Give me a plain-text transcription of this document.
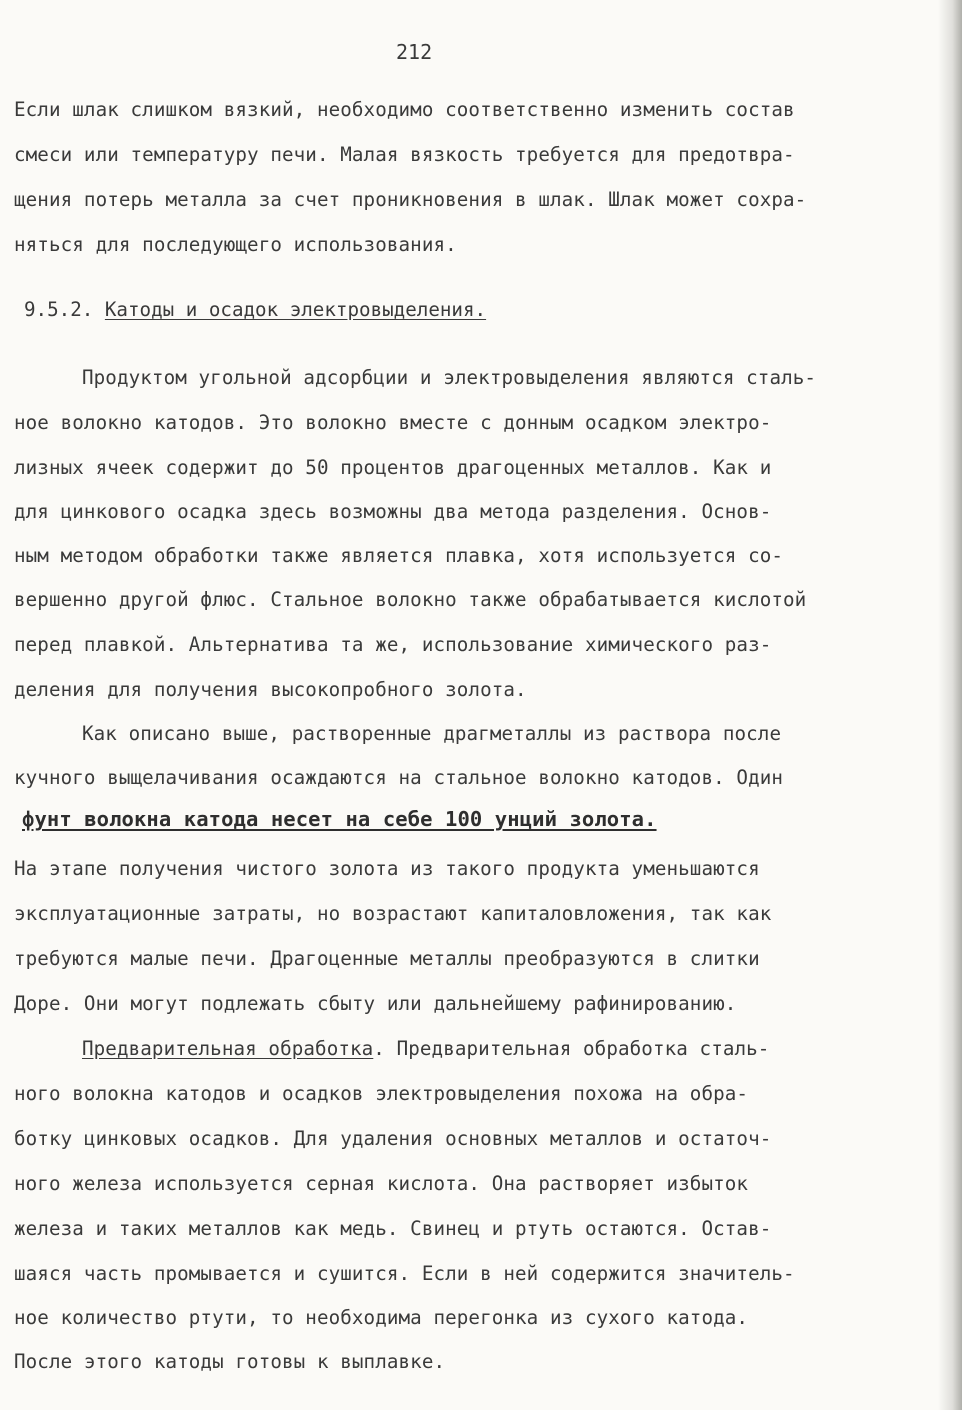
212
Если шлак слишком вязкий, необходимо соответственно изменить состав
смеси или температуру печи. Малая вязкость требуется для предотвра-
щения потерь металла за счет проникновения в шлак. Шлак может сохра-
няться для последующего использования.
9.5.2. Катоды и осадок электровыделения.
Продуктом угольной адсорбции и электровыделения являются сталь-
ное волокно катодов. Это волокно вместе с донным осадком электро-
лизных ячеек содержит до 50 процентов драгоценных металлов. Как и
для цинкового осадка здесь возможны два метода разделения. Основ-
ным методом обработки также является плавка, хотя используется со-
вершенно другой флюс. Стальное волокно также обрабатывается кислотой
перед плавкой. Альтернатива та же, использование химического раз-
деления для получения высокопробного золота.
Как описано выше, растворенные драгметаллы из раствора после
кучного выщелачивания осаждаются на стальное волокно катодов. Один
фунт волокна катода несет на себе 100 унций золота.
На этапе получения чистого золота из такого продукта уменьшаются
эксплуатационные затраты, но возрастают капиталовложения, так как
требуются малые печи. Драгоценные металлы преобразуются в слитки
Доре. Они могут подлежать сбыту или дальнейшему рафинированию.
Предварительная обработка. Предварительная обработка сталь-
ного волокна катодов и осадков электровыделения похожа на обра-
ботку цинковых осадков. Для удаления основных металлов и остаточ-
ного железа используется серная кислота. Она растворяет избыток
железа и таких металлов как медь. Свинец и ртуть остаются. Остав-
шаяся часть промывается и сушится. Если в ней содержится значитель-
ное количество ртути, то необходима перегонка из сухого катода.
После этого катоды готовы к выплавке.
